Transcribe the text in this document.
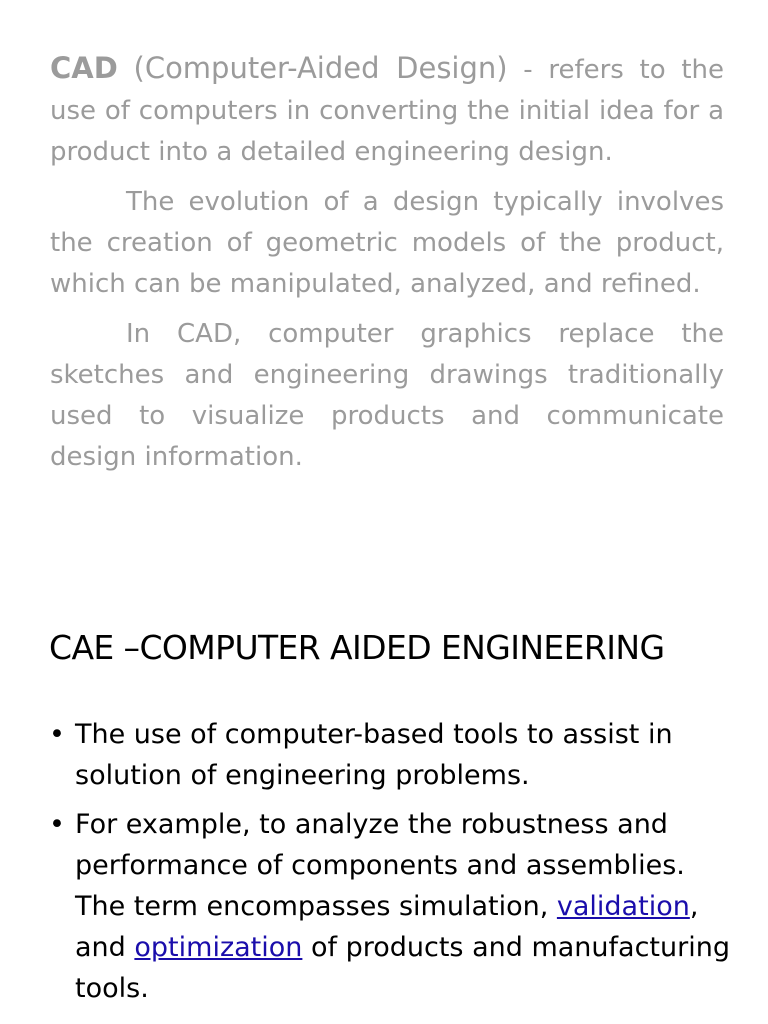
CAD (Computer-Aided Design) - refers to the use of computers in converting the initial idea for a product into a detailed engineering design.

The evolution of a design typically involves the creation of geometric models of the product, which can be manipulated, analyzed, and refined.

In CAD, computer graphics replace the sketches and engineering drawings traditionally used to visualize products and communicate design information.

CAE –COMPUTER AIDED ENGINEERING
• The use of computer-based tools to assist in solution of engineering problems.
• For example, to analyze the robustness and performance of components and assemblies. The term encompasses simulation, validation, and optimization of products and manufacturing tools.
